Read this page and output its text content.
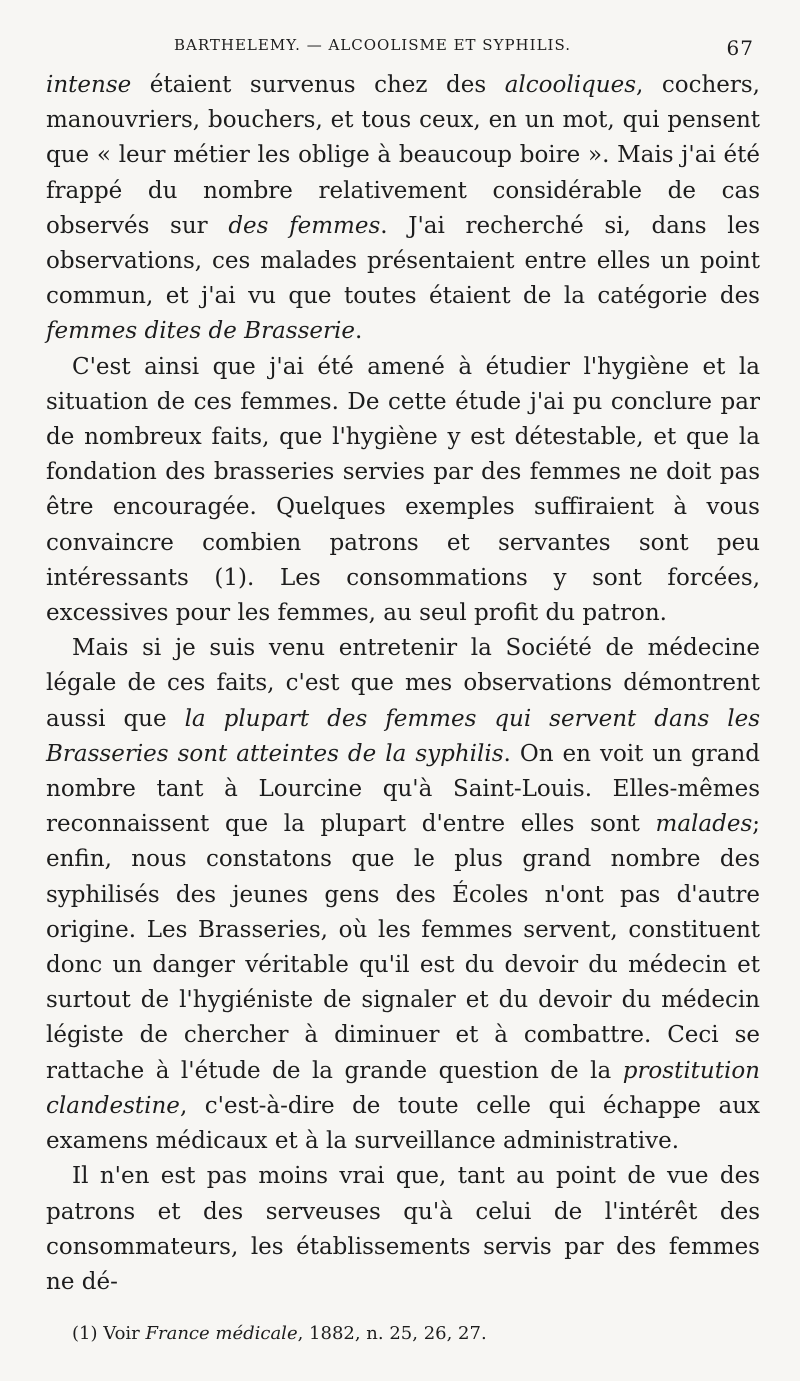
BARTHELEMY. — ALCOOLISME ET SYPHILIS.	67

intense étaient survenus chez des alcooliques, cochers, manouvriers, bouchers, et tous ceux, en un mot, qui pensent que « leur métier les oblige à beaucoup boire ». Mais j'ai été frappé du nombre relativement considérable de cas observés sur des femmes. J'ai recherché si, dans les observations, ces malades présentaient entre elles un point commun, et j'ai vu que toutes étaient de la catégorie des femmes dites de Brasserie.

C'est ainsi que j'ai été amené à étudier l'hygiène et la situation de ces femmes. De cette étude j'ai pu conclure par de nombreux faits, que l'hygiène y est détestable, et que la fondation des brasseries servies par des femmes ne doit pas être encouragée. Quelques exemples suffiraient à vous convaincre combien patrons et servantes sont peu intéressants (1). Les consommations y sont forcées, excessives pour les femmes, au seul profit du patron.

Mais si je suis venu entretenir la Société de médecine légale de ces faits, c'est que mes observations démontrent aussi que la plupart des femmes qui servent dans les Brasseries sont atteintes de la syphilis. On en voit un grand nombre tant à Lourcine qu'à Saint-Louis. Elles-mêmes reconnaissent que la plupart d'entre elles sont malades; enfin, nous constatons que le plus grand nombre des syphilisés des jeunes gens des Écoles n'ont pas d'autre origine. Les Brasseries, où les femmes servent, constituent donc un danger véritable qu'il est du devoir du médecin et surtout de l'hygiéniste de signaler et du devoir du médecin légiste de chercher à diminuer et à combattre. Ceci se rattache à l'étude de la grande question de la prostitution clandestine, c'est-à-dire de toute celle qui échappe aux examens médicaux et à la surveillance administrative.

Il n'en est pas moins vrai que, tant au point de vue des patrons et des serveuses qu'à celui de l'intérêt des consommateurs, les établissements servis par des femmes ne dé-

(1) Voir France médicale, 1882, n. 25, 26, 27.
